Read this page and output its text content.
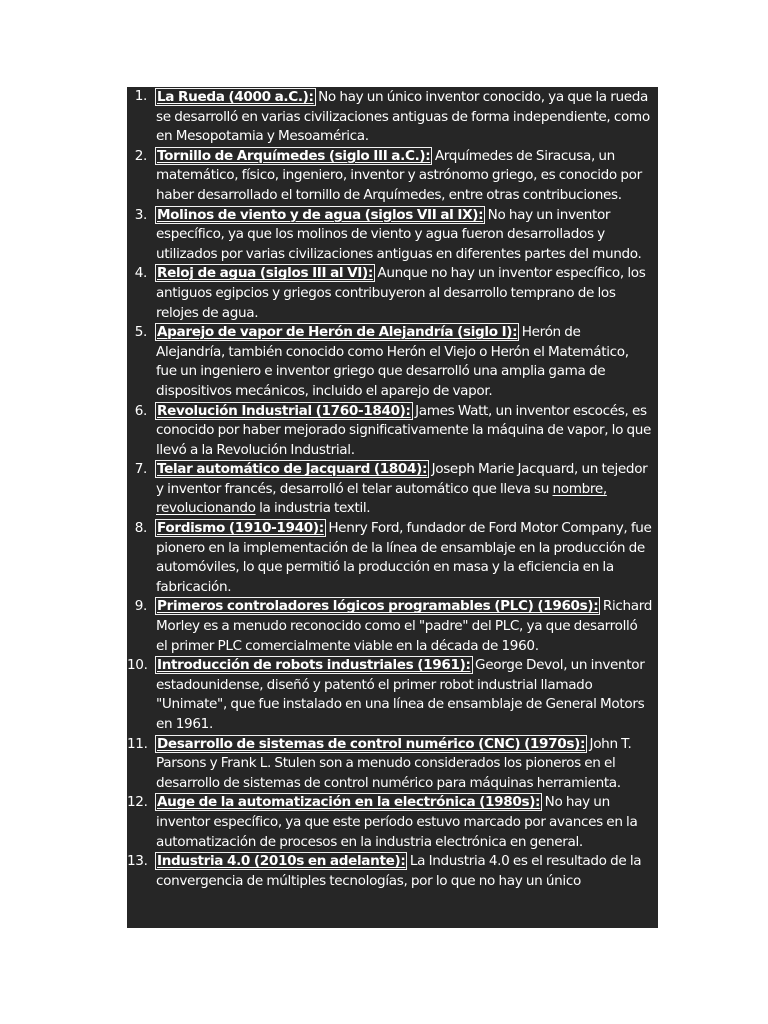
1. La Rueda (4000 a.C.): No hay un único inventor conocido, ya que la rueda se desarrolló en varias civilizaciones antiguas de forma independiente, como en Mesopotamia y Mesoamérica.
2. Tornillo de Arquímedes (siglo III a.C.): Arquímedes de Siracusa, un matemático, físico, ingeniero, inventor y astrónomo griego, es conocido por haber desarrollado el tornillo de Arquímedes, entre otras contribuciones.
3. Molinos de viento y de agua (siglos VII al IX): No hay un inventor específico, ya que los molinos de viento y agua fueron desarrollados y utilizados por varias civilizaciones antiguas en diferentes partes del mundo.
4. Reloj de agua (siglos III al VI): Aunque no hay un inventor específico, los antiguos egipcios y griegos contribuyeron al desarrollo temprano de los relojes de agua.
5. Aparejo de vapor de Herón de Alejandría (siglo I): Herón de Alejandría, también conocido como Herón el Viejo o Herón el Matemático, fue un ingeniero e inventor griego que desarrolló una amplia gama de dispositivos mecánicos, incluido el aparejo de vapor.
6. Revolución Industrial (1760-1840): James Watt, un inventor escocés, es conocido por haber mejorado significativamente la máquina de vapor, lo que llevó a la Revolución Industrial.
7. Telar automático de Jacquard (1804): Joseph Marie Jacquard, un tejedor y inventor francés, desarrolló el telar automático que lleva su nombre, revolucionando la industria textil.
8. Fordismo (1910-1940): Henry Ford, fundador de Ford Motor Company, fue pionero en la implementación de la línea de ensamblaje en la producción de automóviles, lo que permitió la producción en masa y la eficiencia en la fabricación.
9. Primeros controladores lógicos programables (PLC) (1960s): Richard Morley es a menudo reconocido como el "padre" del PLC, ya que desarrolló el primer PLC comercialmente viable en la década de 1960.
10. Introducción de robots industriales (1961): George Devol, un inventor estadounidense, diseñó y patentó el primer robot industrial llamado "Unimate", que fue instalado en una línea de ensamblaje de General Motors en 1961.
11. Desarrollo de sistemas de control numérico (CNC) (1970s): John T. Parsons y Frank L. Stulen son a menudo considerados los pioneros en el desarrollo de sistemas de control numérico para máquinas herramienta.
12. Auge de la automatización en la electrónica (1980s): No hay un inventor específico, ya que este período estuvo marcado por avances en la automatización de procesos en la industria electrónica en general.
13. Industria 4.0 (2010s en adelante): La Industria 4.0 es el resultado de la convergencia de múltiples tecnologías, por lo que no hay un único
